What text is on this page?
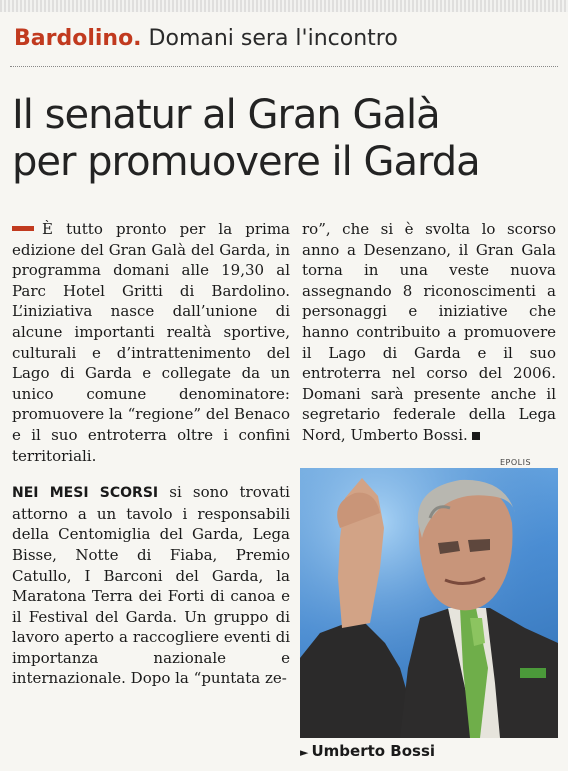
Bardolino. Domani sera l'incontro
Il senatur al Gran Galà
per promuovere il Garda

È tutto pronto per la prima edizione del Gran Galà del Garda, in programma domani alle 19,30 al Parc Hotel Gritti di Bardolino. L’iniziativa nasce dall’unione di alcune importanti realtà sportive, culturali e d’intrattenimento del Lago di Garda e collegate da un unico comune denominatore: promuovere la “regione” del Benaco e il suo entroterra oltre i confini territoriali.

NEI MESI SCORSI si sono trovati attorno a un tavolo i responsabili della Centomiglia del Garda, Lega Bisse, Notte di Fiaba, Premio Catullo, I Barconi del Garda, la Maratona Terra dei Forti di canoa e il Festival del Garda. Un gruppo di lavoro aperto a raccogliere eventi di importanza nazionale e internazionale. Dopo la “puntata ze-

ro”, che si è svolta lo scorso anno a Desenzano, il Gran Gala torna in una veste nuova assegnando 8 riconoscimenti a personaggi e iniziative che hanno contribuito a promuovere il Lago di Garda e il suo entroterra nel corso del 2006. Domani sarà presente anche il segretario federale della Lega Nord, Umberto Bossi.

EPOLIS
► Umberto Bossi
